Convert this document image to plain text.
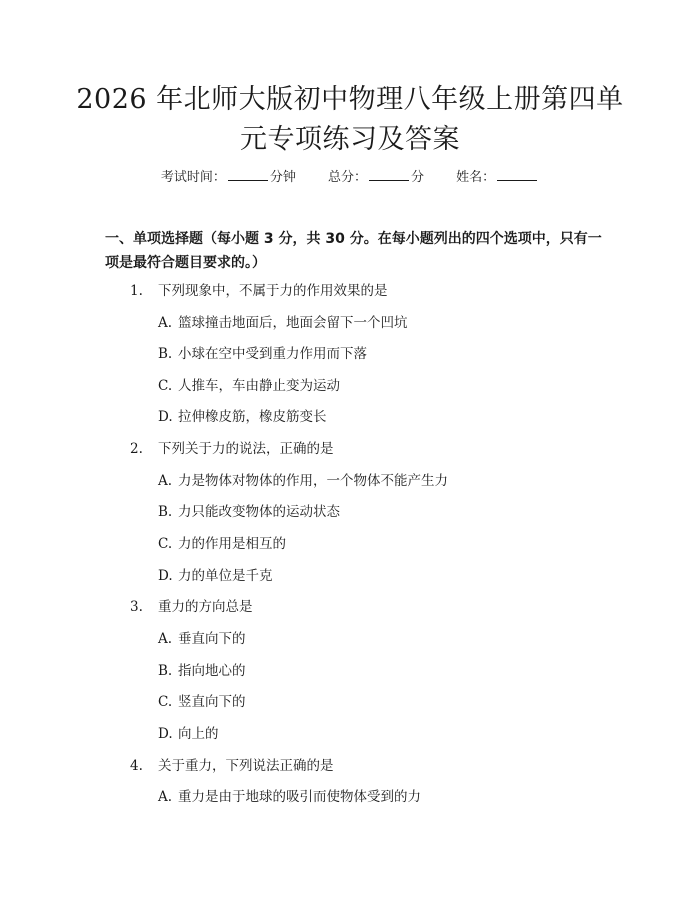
2026 年北师大版初中物理八年级上册第四单
元专项练习及答案
考试时间：	分钟 总分：	分 姓名：
一、单项选择题（每小题 3 分，共 30 分。在每小题列出的四个选项中，只有一项是最符合题目要求的。）
1. 下列现象中，不属于力的作用效果的是
A. 篮球撞击地面后，地面会留下一个凹坑
B. 小球在空中受到重力作用而下落
C. 人推车，车由静止变为运动
D. 拉伸橡皮筋，橡皮筋变长
2. 下列关于力的说法，正确的是
A. 力是物体对物体的作用，一个物体不能产生力
B. 力只能改变物体的运动状态
C. 力的作用是相互的
D. 力的单位是千克
3. 重力的方向总是
A. 垂直向下的
B. 指向地心的
C. 竖直向下的
D. 向上的
4. 关于重力，下列说法正确的是
A. 重力是由于地球的吸引而使物体受到的力
